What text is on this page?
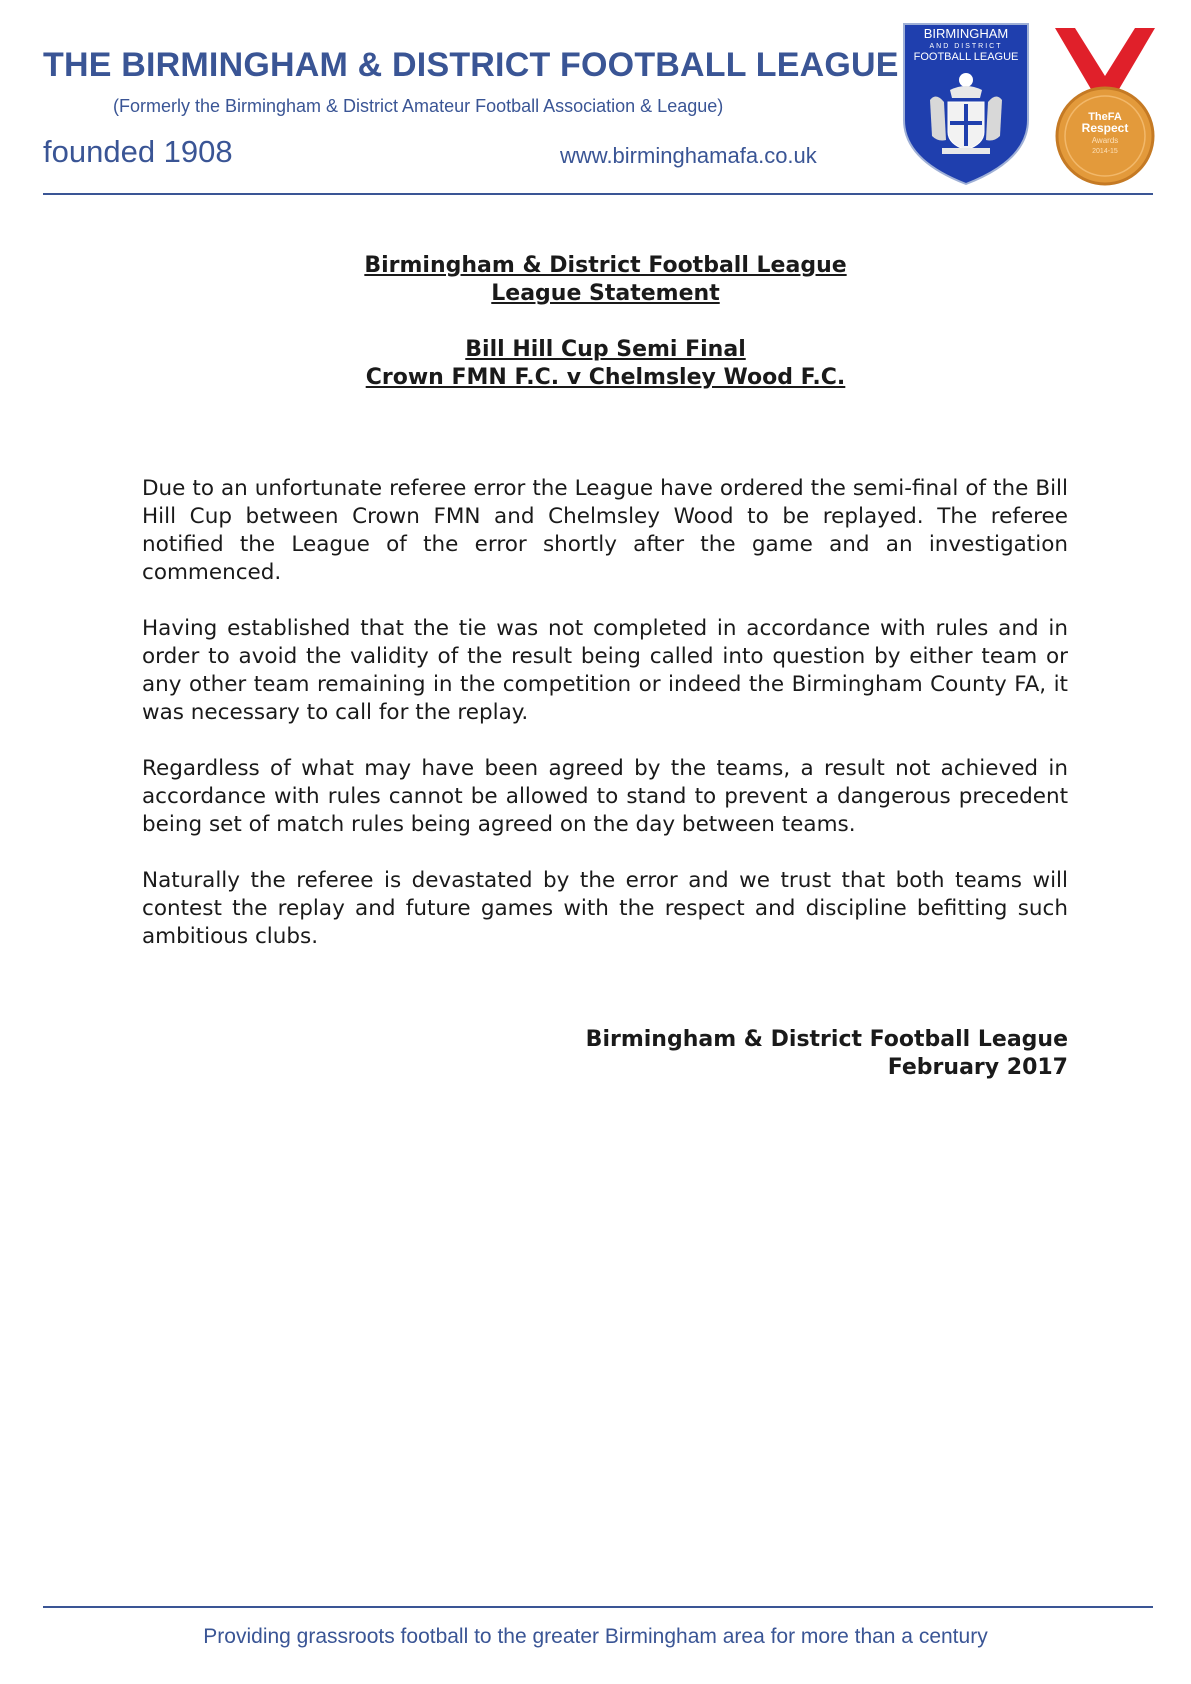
THE BIRMINGHAM & DISTRICT FOOTBALL LEAGUE
(Formerly the Birmingham & District Amateur Football Association & League)
founded 1908	www.birminghamafa.co.uk
BIRMINGHAM
AND DISTRICT
FOOTBALL LEAGUE
TheFA
Respect
Awards
2014-15
Birmingham & District Football League
League Statement
Bill Hill Cup Semi Final
Crown FMN F.C. v Chelmsley Wood F.C.

Due to an unfortunate referee error the League have ordered the semi-final of the Bill Hill Cup between Crown FMN and Chelmsley Wood to be replayed. The referee notified the League of the error shortly after the game and an investigation commenced.

Having established that the tie was not completed in accordance with rules and in order to avoid the validity of the result being called into question by either team or any other team remaining in the competition or indeed the Birmingham County FA, it was necessary to call for the replay.

Regardless of what may have been agreed by the teams, a result not achieved in accordance with rules cannot be allowed to stand to prevent a dangerous precedent being set of match rules being agreed on the day between teams.

Naturally the referee is devastated by the error and we trust that both teams will contest the replay and future games with the respect and discipline befitting such ambitious clubs.

Birmingham & District Football League
February 2017
Providing grassroots football to the greater Birmingham area for more than a century
